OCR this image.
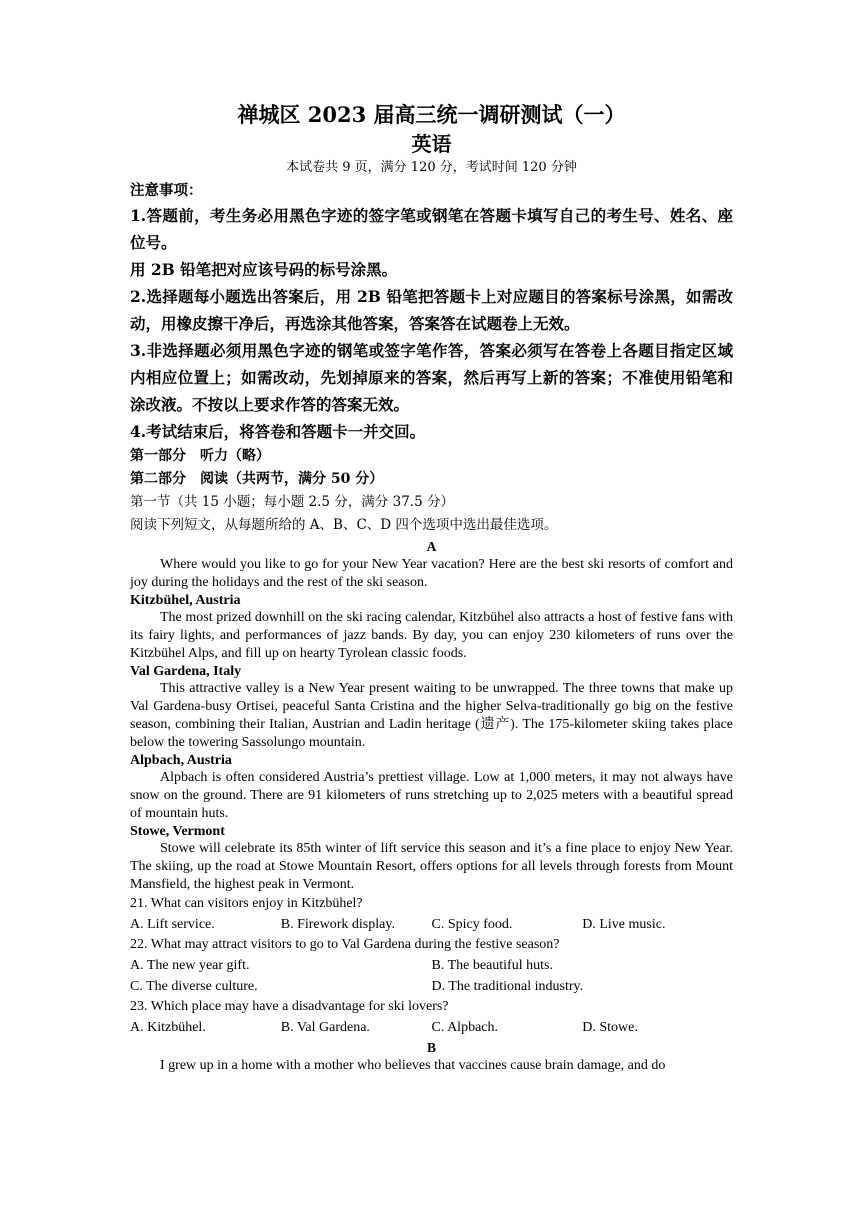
禅城区 2023 届高三统一调研测试（一）

英语

本试卷共 9 页，满分 120 分，考试时间 120 分钟

注意事项：

1.答题前，考生务必用黑色字迹的签字笔或钢笔在答题卡填写自己的考生号、姓名、座位号。

用 2B 铅笔把对应该号码的标号涂黑。

2.选择题每小题选出答案后，用 2B 铅笔把答题卡上对应题目的答案标号涂黑，如需改动，用橡皮擦干净后，再选涂其他答案，答案答在试题卷上无效。

3.非选择题必须用黑色字迹的钢笔或签字笔作答，答案必须写在答卷上各题目指定区域内相应位置上；如需改动，先划掉原来的答案，然后再写上新的答案；不准使用铅笔和涂改液。不按以上要求作答的答案无效。

4.考试结束后，将答卷和答题卡一并交回。

第一部分　听力（略）

第二部分　阅读（共两节，满分 50 分）

第一节（共 15 小题；每小题 2.5 分，满分 37.5 分）

阅读下列短文，从每题所给的 A、B、C、D 四个选项中选出最佳选项。

A

Where would you like to go for your New Year vacation? Here are the best ski resorts of comfort and joy during the holidays and the rest of the ski season.

Kitzbühel, Austria

The most prized downhill on the ski racing calendar, Kitzbühel also attracts a host of festive fans with its fairy lights, and performances of jazz bands. By day, you can enjoy 230 kilometers of runs over the Kitzbühel Alps, and fill up on hearty Tyrolean classic foods.

Val Gardena, Italy

This attractive valley is a New Year present waiting to be unwrapped. The three towns that make up Val Gardena-busy Ortisei, peaceful Santa Cristina and the higher Selva-traditionally go big on the festive season, combining their Italian, Austrian and Ladin heritage (遗产). The 175-kilometer skiing takes place below the towering Sassolungo mountain.

Alpbach, Austria

Alpbach is often considered Austria’s prettiest village. Low at 1,000 meters, it may not always have snow on the ground. There are 91 kilometers of runs stretching up to 2,025 meters with a beautiful spread of mountain huts.

Stowe, Vermont

Stowe will celebrate its 85th winter of lift service this season and it’s a fine place to enjoy New Year. The skiing, up the road at Stowe Mountain Resort, offers options for all levels through forests from Mount Mansfield, the highest peak in Vermont.

21. What can visitors enjoy in Kitzbühel?

A. Lift service.	B. Firework display.	C. Spicy food.	D. Live music.

22. What may attract visitors to go to Val Gardena during the festive season?

A. The new year gift.	B. The beautiful huts.
C. The diverse culture.	D. The traditional industry.

23. Which place may have a disadvantage for ski lovers?

A. Kitzbühel.	B. Val Gardena.	C. Alpbach.	D. Stowe.

B

I grew up in a home with a mother who believes that vaccines cause brain damage, and do
